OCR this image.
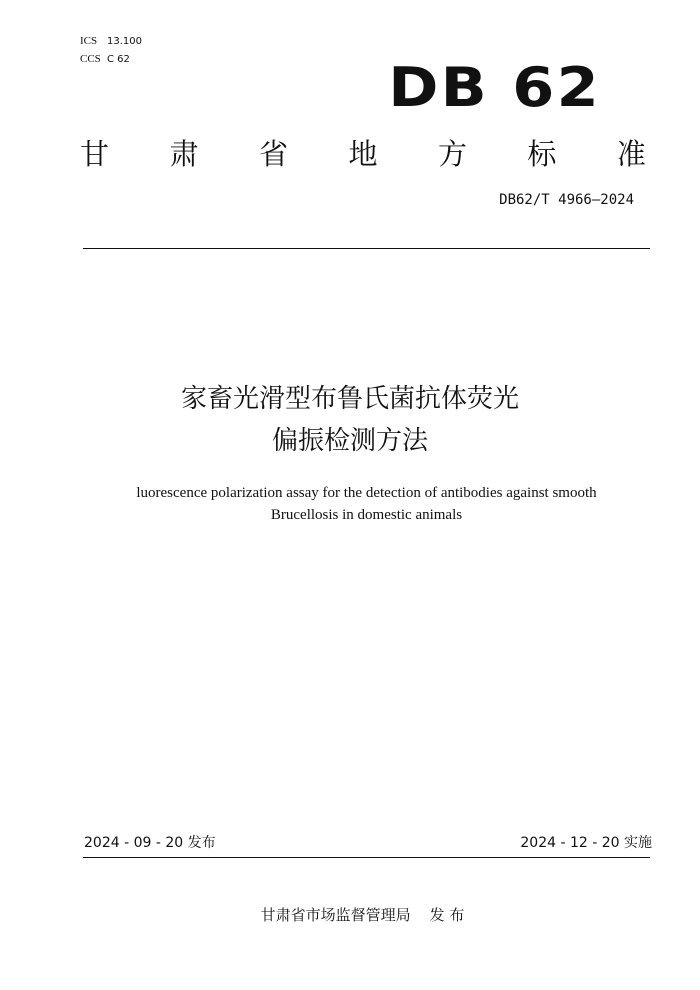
ICS 13.100
CCS C 62	DB 62
甘 肃 省 地 方 标 准
DB62/T 4966—2024
家畜光滑型布鲁氏菌抗体荧光
偏振检测方法
luorescence polarization assay for the detection of antibodies against smooth
Brucellosis in domestic animals
2024 - 09 - 20 发布	2024 - 12 - 20 实施
甘肃省市场监督管理局    发 布
